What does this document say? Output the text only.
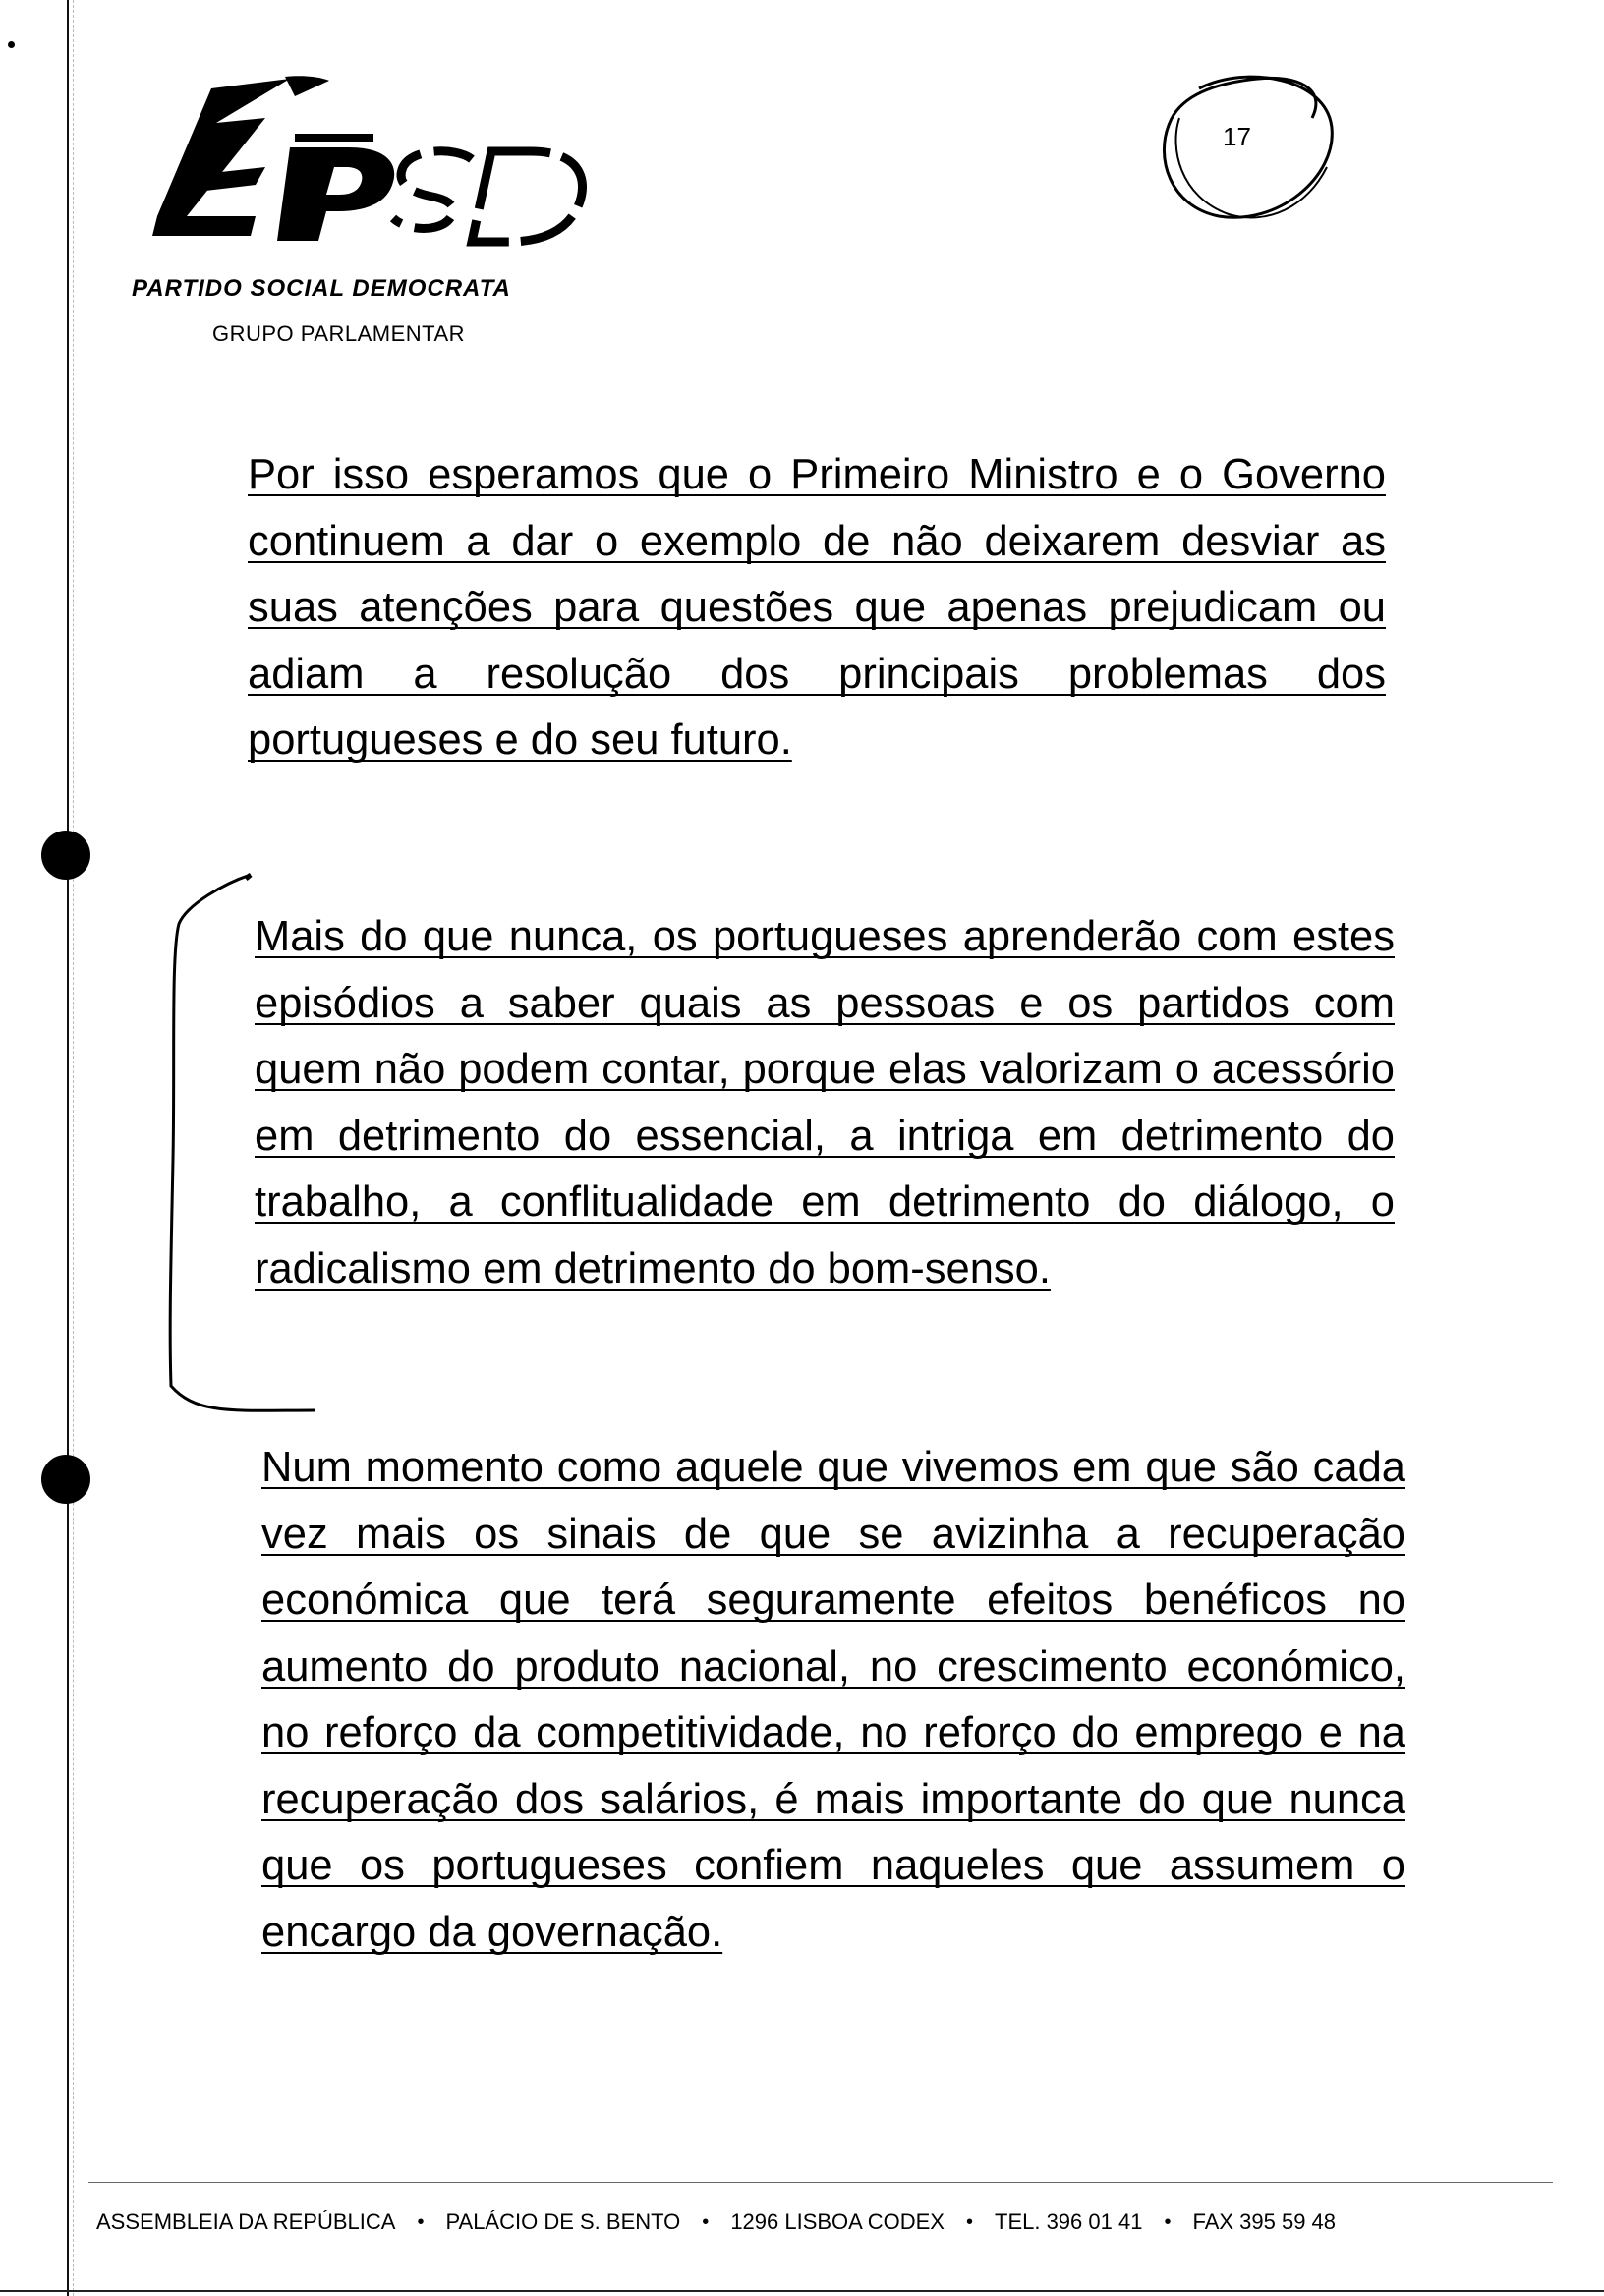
PARTIDO SOCIAL DEMOCRATA
GRUPO PARLAMENTAR
17

Por isso esperamos que o Primeiro Ministro e o Governo continuem a dar o exemplo de não deixarem desviar as suas atenções para questões que apenas prejudicam ou adiam a resolução dos principais problemas dos portugueses e do seu futuro.

Mais do que nunca, os portugueses aprenderão com estes episódios a saber quais as pessoas e os partidos com quem não podem contar, porque elas valorizam o acessório em detrimento do essencial, a intriga em detrimento do trabalho, a conflitualidade em detrimento do diálogo, o radicalismo em detrimento do bom-senso.

Num momento como aquele que vivemos em que são cada vez mais os sinais de que se avizinha a recuperação económica que terá seguramente efeitos benéficos no aumento do produto nacional, no crescimento económico, no reforço da competitividade, no reforço do emprego e na recuperação dos salários, é mais importante do que nunca que os portugueses confiem naqueles que assumem o encargo da governação.

ASSEMBLEIA DA REPÚBLICA • PALÁCIO DE S. BENTO • 1296 LISBOA CODEX • TEL. 396 01 41 • FAX 395 59 48
